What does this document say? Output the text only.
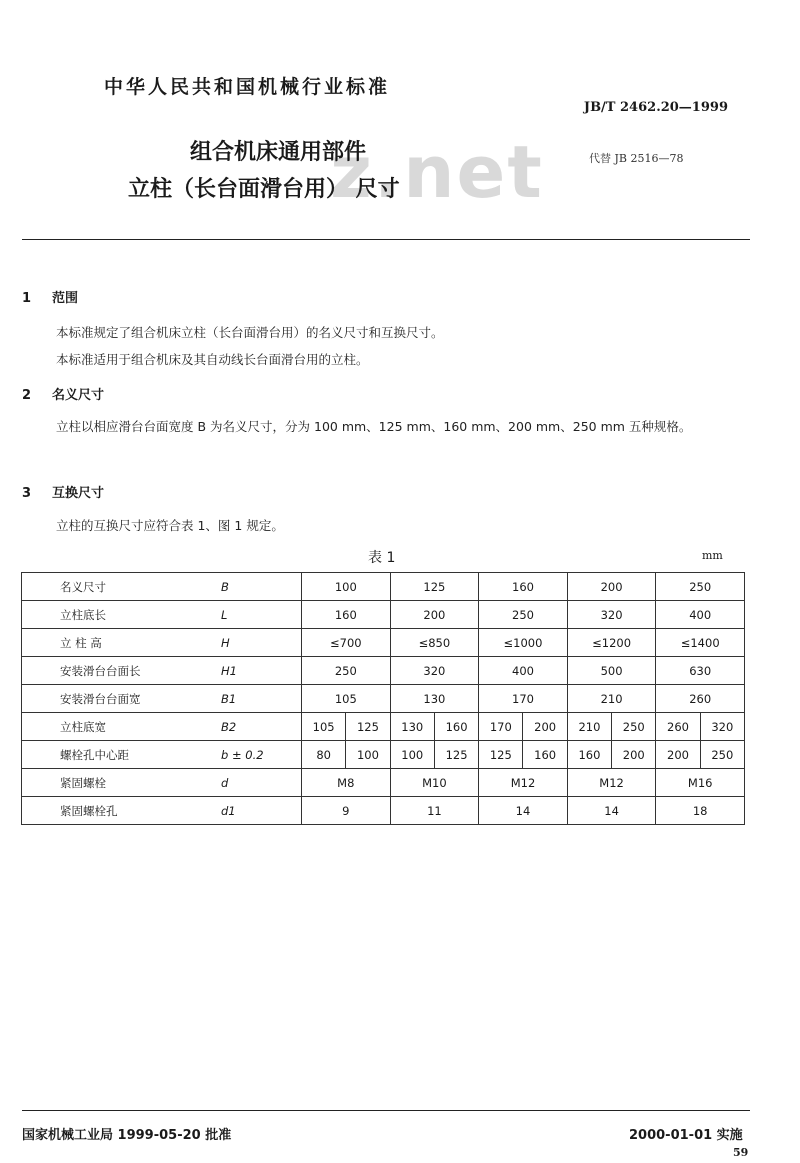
中华人民共和国机械行业标准
JB/T 2462.20—1999
z.net
组合机床通用部件
立柱（长台面滑台用） 尺寸
代替 JB 2516—78
1 范围
本标准规定了组合机床立柱（长台面滑台用）的名义尺寸和互换尺寸。
本标准适用于组合机床及其自动线长台面滑台用的立柱。
2 名义尺寸
立柱以相应滑台台面宽度 B 为名义尺寸，分为 100 mm、125 mm、160 mm、200 mm、250 mm 五种规格。
3 互换尺寸
立柱的互换尺寸应符合表 1、图 1 规定。
表 1	mm
名义尺寸	B	100		125		160		200		250	
立柱底长	L	160		200		250		320		400	
立 柱 高	H	≤700		≤850		≤1000		≤1200		≤1400	
安装滑台台面长	H1	250		320		400		500		630	
安装滑台台面宽	B1	105		130		170		210		260	
立柱底宽	B2	105	125	130	160	170	200	210	250	260	320
螺栓孔中心距	b ± 0.2	80	100	100	125	125	160	160	200	200	250
紧固螺栓	d	M8		M10		M12		M12		M16	
紧固螺栓孔	d1	9		11		14		14		18	
国家机械工业局 1999-05-20 批准	2000-01-01 实施
59
